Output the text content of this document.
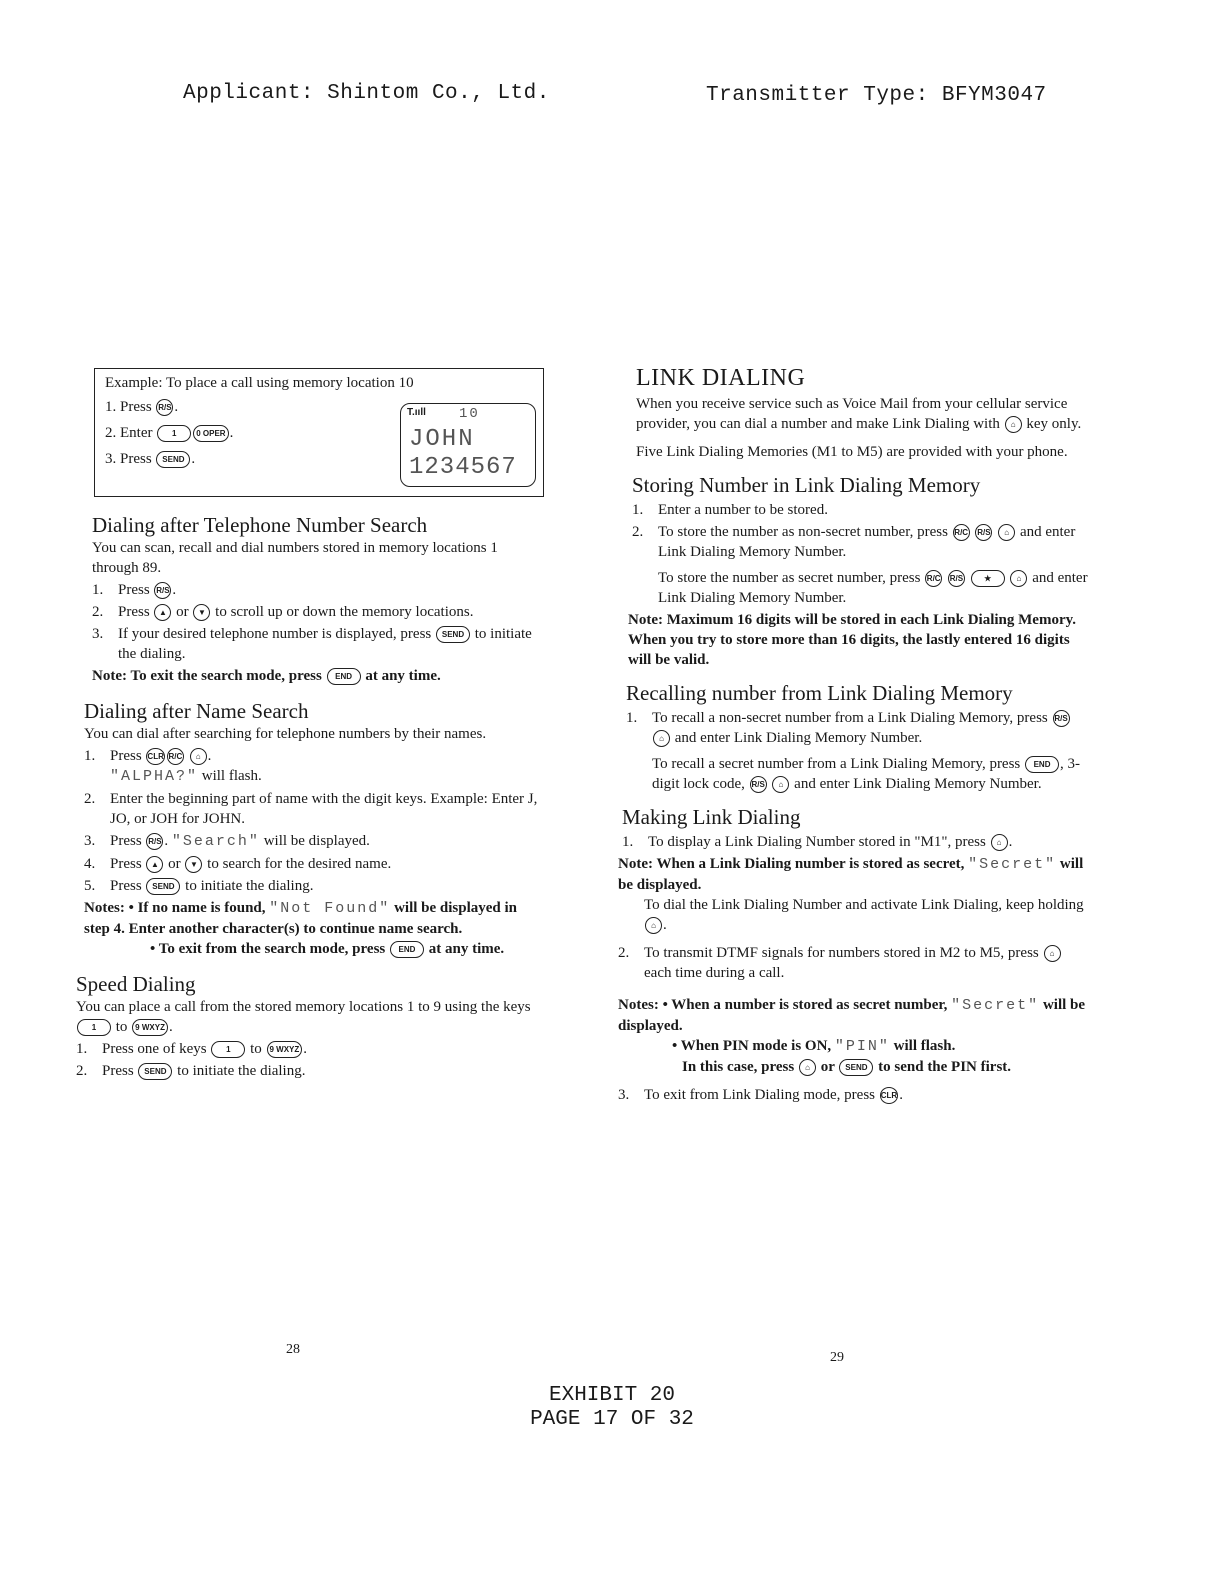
Applicant: Shintom Co., Ltd.	Transmitter Type: BFYM3047
Example: To place a call using memory location 10
1. Press R/S .
2. Enter 1 0 OPER .
3. Press SEND .
T.ııll 10
JOHN
1234567
Dialing after Telephone Number Search

You can scan, recall and dial numbers stored in memory locations 1 through 89.

1. Press R/S .
2. Press ▲ or ▼ to scroll up or down the memory locations.
3. If your desired telephone number is displayed, press SEND to initiate the dialing.

Note: To exit the search mode, press END at any time.

Dialing after Name Search

You can dial after searching for telephone numbers by their names.

1. Press CLR R/C ⌂ .
"ALPHA?" will flash.
2. Enter the beginning part of name with the digit keys. Example: Enter J, JO, or JOH for JOHN.
3. Press R/S . "Search" will be displayed.
4. Press ▲ or ▼ to search for the desired name.
5. Press SEND to initiate the dialing.

Notes: • If no name is found, "Not Found" will be displayed in step 4. Enter another character(s) to continue name search.

• To exit from the search mode, press END at any time.

Speed Dialing

You can place a call from the stored memory locations 1 to 9 using the keys 1 to 9 WXYZ .

1. Press one of keys 1 to 9 WXYZ .
2. Press SEND to initiate the dialing.
28
LINK DIALING

When you receive service such as Voice Mail from your cellular service provider, you can dial a number and make Link Dialing with ⌂ key only.

Five Link Dialing Memories (M1 to M5) are provided with your phone.

Storing Number in Link Dialing Memory
1. Enter a number to be stored.
2. To store the number as non-secret number, press R/C R/S ⌂ and enter Link Dialing Memory Number.

To store the number as secret number, press R/C R/S	★	⌂ and enter Link Dialing Memory Number.

Note: Maximum 16 digits will be stored in each Link Dialing Memory. When you try to store more than 16 digits, the lastly entered 16 digits will be valid.

Recalling number from Link Dialing Memory
1. To recall a non-secret number from a Link Dialing Memory, press R/S ⌂ and enter Link Dialing Memory Number.

To recall a secret number from a Link Dialing Memory, press END , 3-digit lock code, R/S ⌂ and enter Link Dialing Memory Number.

Making Link Dialing
1. To display a Link Dialing Number stored in "M1", press ⌂ .

Note: When a Link Dialing number is stored as secret, "Secret" will be displayed.

To dial the Link Dialing Number and activate Link Dialing, keep holding ⌂ .

2. To transmit DTMF signals for numbers stored in M2 to M5, press ⌂ each time during a call.

Notes: • When a number is stored as secret number, "Secret" will be displayed.

• When PIN mode is ON, "PIN" will flash.

In this case, press ⌂ or SEND to send the PIN first.

3. To exit from Link Dialing mode, press CLR .
29
EXHIBIT 20
PAGE 17 OF 32
